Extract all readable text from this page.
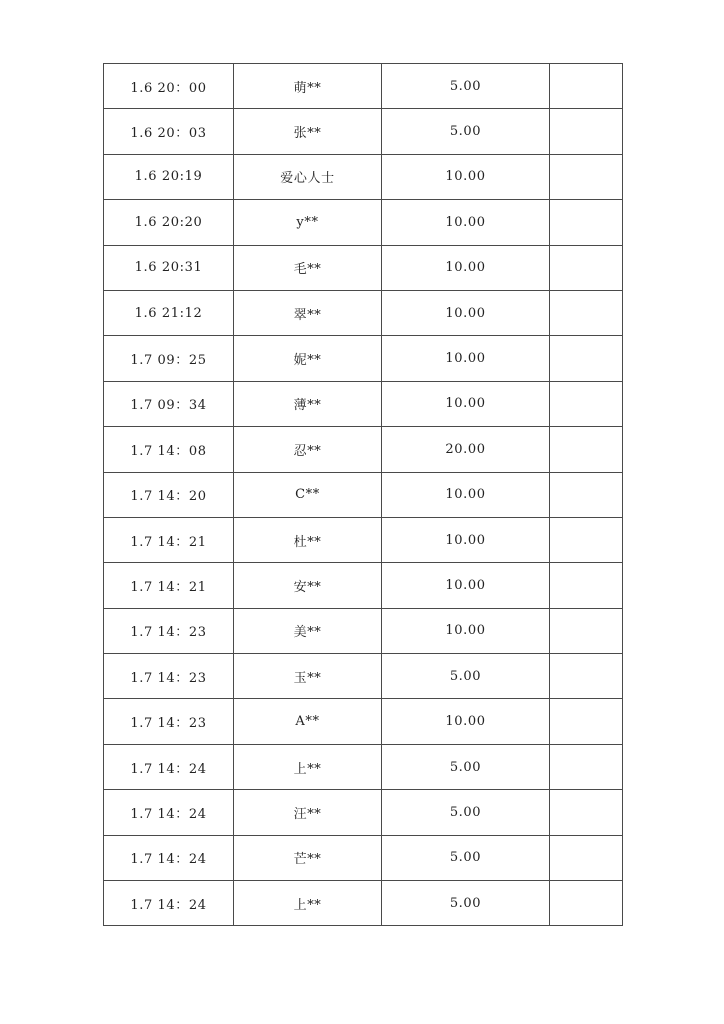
1.6 20：00	萌**	5.00	
1.6 20：03	张**	5.00	
1.6 20:19	爱心人士	10.00	
1.6 20:20	y**	10.00	
1.6 20:31	毛**	10.00	
1.6 21:12	翠**	10.00	
1.7 09：25	妮**	10.00	
1.7 09：34	薄**	10.00	
1.7 14：08	忍**	20.00	
1.7 14：20	C**	10.00	
1.7 14：21	杜**	10.00	
1.7 14：21	安**	10.00	
1.7 14：23	美**	10.00	
1.7 14：23	玉**	5.00	
1.7 14：23	A**	10.00	
1.7 14：24	上**	5.00	
1.7 14：24	汪**	5.00	
1.7 14：24	芒**	5.00	
1.7 14：24	上**	5.00	
